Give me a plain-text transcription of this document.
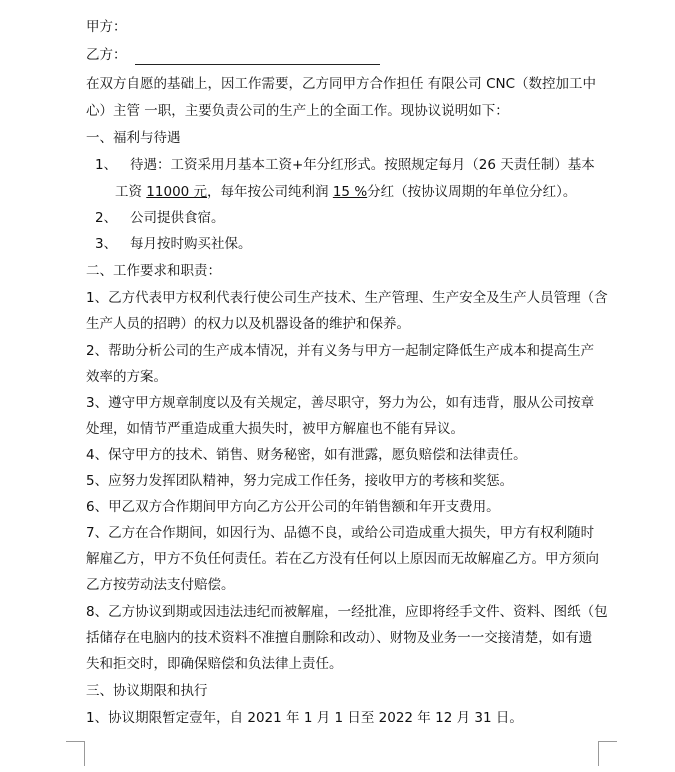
甲方：
乙方：
在双方自愿的基础上，因工作需要，乙方同甲方合作担任 有限公司 CNC（数控加工中
心）主管 一职，主要负责公司的生产上的全面工作。现协议说明如下：
一、福利与待遇
1、 待遇：工资采用月基本工资+年分红形式。按照规定每月（26 天责任制）基本
工资 11000 元，每年按公司纯利润 15 %分红（按协议周期的年单位分红）。
2、 公司提供食宿。
3、 每月按时购买社保。
二、工作要求和职责：
1、乙方代表甲方权利代表行使公司生产技术、生产管理、生产安全及生产人员管理（含
生产人员的招聘）的权力以及机器设备的维护和保养。
2、帮助分析公司的生产成本情况，并有义务与甲方一起制定降低生产成本和提高生产
效率的方案。
3、遵守甲方规章制度以及有关规定，善尽职守，努力为公，如有违背，服从公司按章
处理，如情节严重造成重大损失时，被甲方解雇也不能有异议。
4、保守甲方的技术、销售、财务秘密，如有泄露，愿负赔偿和法律责任。
5、应努力发挥团队精神，努力完成工作任务，接收甲方的考核和奖惩。
6、甲乙双方合作期间甲方向乙方公开公司的年销售额和年开支费用。
7、乙方在合作期间，如因行为、品德不良，或给公司造成重大损失，甲方有权利随时
解雇乙方，甲方不负任何责任。若在乙方没有任何以上原因而无故解雇乙方。甲方须向
乙方按劳动法支付赔偿。
8、乙方协议到期或因违法违纪而被解雇，一经批准，应即将经手文件、资料、图纸（包
括储存在电脑内的技术资料不准擅自删除和改动）、财物及业务一一交接清楚，如有遗
失和拒交时，即确保赔偿和负法律上责任。
三、协议期限和执行
1、协议期限暂定壹年，自 2021 年 1 月 1 日至 2022 年 12 月 31 日。
